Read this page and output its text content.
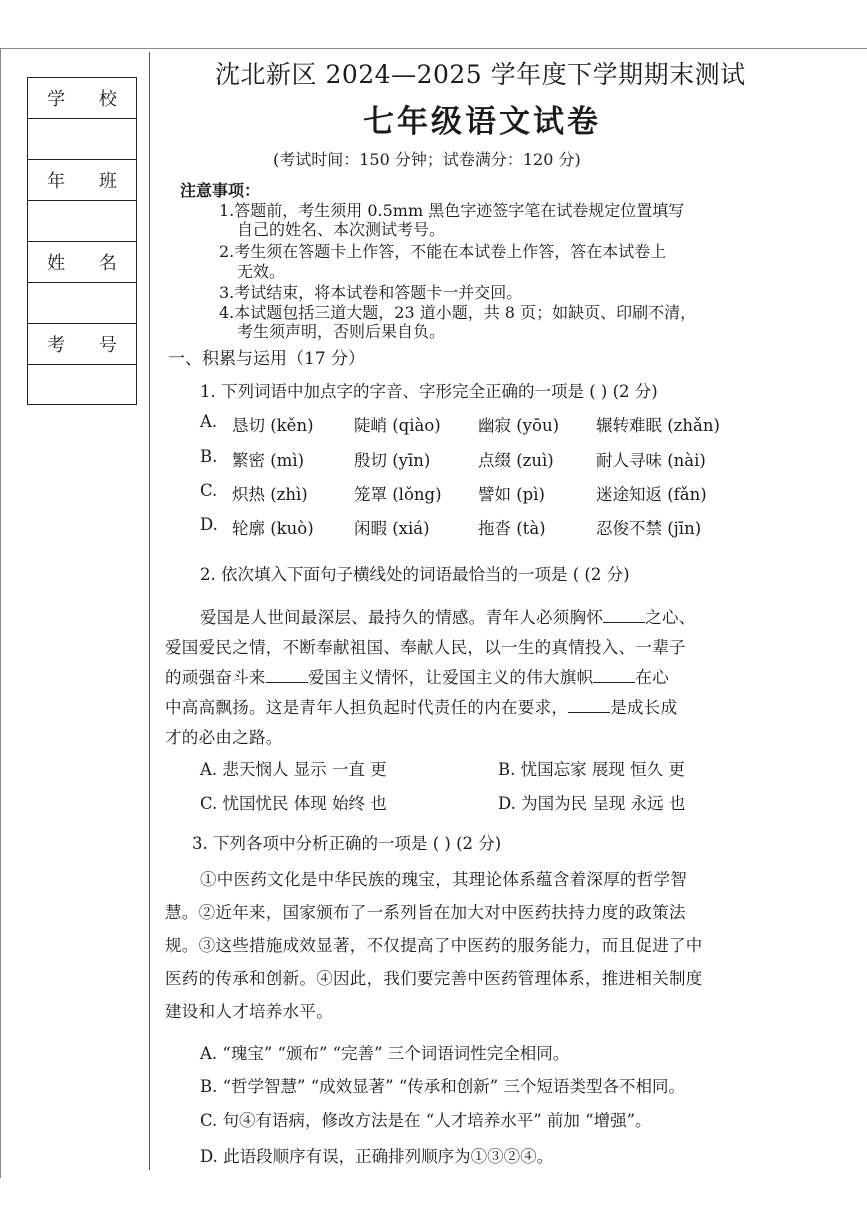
学 校
年 班
姓 名
考 号
沈北新区 2024—2025 学年度下学期期末测试
七年级语文试卷
(考试时间：150 分钟；试卷满分：120 分)
注意事项：
1.答题前，考生须用 0.5mm 黑色字迹签字笔在试卷规定位置填写
自己的姓名、本次测试考号。
2.考生须在答题卡上作答，不能在本试卷上作答，答在本试卷上
无效。
3.考试结束，将本试卷和答题卡一并交回。
4.本试题包括三道大题，23 道小题，共 8 页；如缺页、印刷不清，
考生须声明，否则后果自负。
一、积累与运用（17 分）
1. 下列词语中加点字的字音、字形完全正确的一项是 ( ) (2 分)
A. 恳切 (kěn) 陡峭 (qiào) 幽寂 (yōu) 辗转难眠 (zhǎn)
B. 繁密 (mì)	殷切 (yīn)	点缀 (zuì)	耐人寻味 (nài)
C. 炽热 (zhì)	笼罩 (lǒng) 譬如 (pì)	迷途知返 (fǎn)
D. 轮廓 (kuò) 闲暇 (xiá)	拖沓 (tà)	忍俊不禁 (jīn)
2. 依次填入下面句子横线处的词语最恰当的一项是 ( (2 分)
爱国是人世间最深层、最持久的情感。青年人必须胸怀	之心、
爱国爱民之情，不断奉献祖国、奉献人民，以一生的真情投入、一辈子
的顽强奋斗来	爱国主义情怀，让爱国主义的伟大旗帜	在心
中高高飘扬。这是青年人担负起时代责任的内在要求，	是成长成
才的必由之路。
A. 悲天悯人 显示 一直 更	B. 忧国忘家 展现 恒久 更
C. 忧国忧民 体现 始终 也	D. 为国为民 呈现 永远 也
3. 下列各项中分析正确的一项是 ( ) (2 分)
①中医药文化是中华民族的瑰宝，其理论体系蕴含着深厚的哲学智
慧。②近年来，国家颁布了一系列旨在加大对中医药扶持力度的政策法
规。③这些措施成效显著，不仅提高了中医药的服务能力，而且促进了中
医药的传承和创新。④因此，我们要完善中医药管理体系，推进相关制度
建设和人才培养水平。
A. “瑰宝” “颁布” “完善” 三个词语词性完全相同。
B. “哲学智慧” “成效显著” “传承和创新” 三个短语类型各不相同。
C. 句④有语病，修改方法是在 “人才培养水平” 前加 “增强”。
D. 此语段顺序有误，正确排列顺序为①③②④。
